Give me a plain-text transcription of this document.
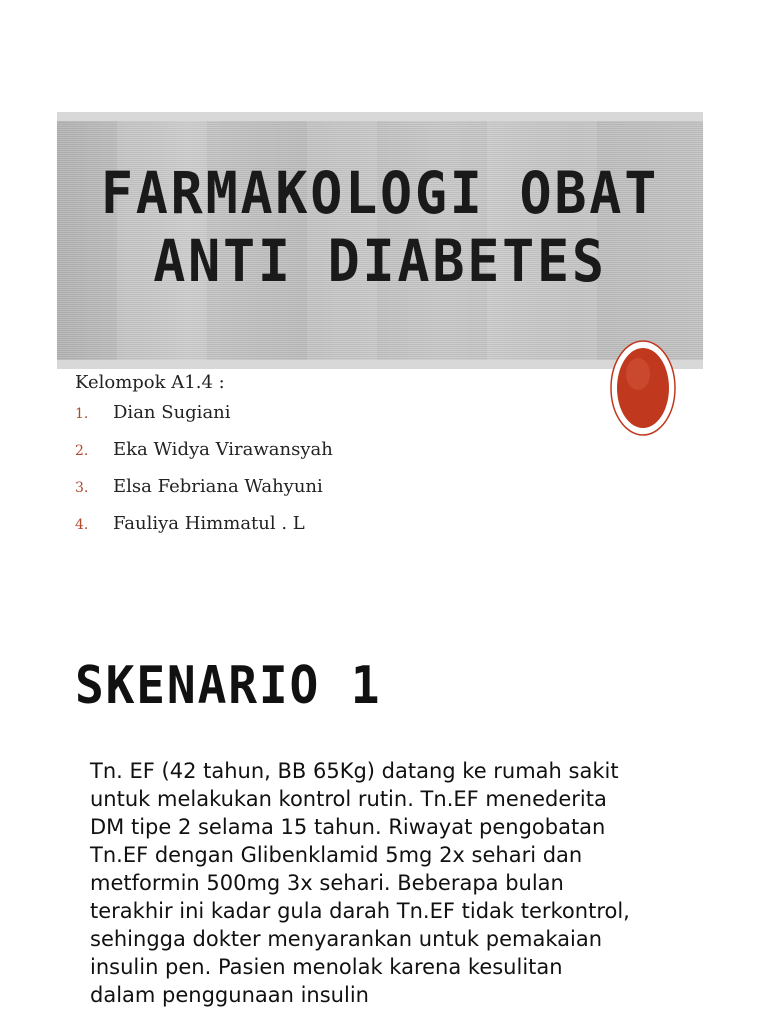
FARMAKOLOGI OBAT
ANTI DIABETES

Kelompok A1.4 :

1.	Dian Sugiani
2.	Eka Widya Virawansyah
3.	Elsa Febriana Wahyuni
4.	Fauliya Himmatul . L
SKENARIO 1

Tn. EF (42 tahun, BB 65Kg) datang ke rumah sakit
untuk melakukan kontrol rutin. Tn.EF menederita
DM tipe 2 selama 15 tahun. Riwayat pengobatan
Tn.EF dengan Glibenklamid 5mg 2x sehari dan
metformin 500mg 3x sehari. Beberapa bulan
terakhir ini kadar gula darah Tn.EF tidak terkontrol,
sehingga dokter menyarankan untuk pemakaian
insulin pen. Pasien menolak karena kesulitan
dalam penggunaan insulin
